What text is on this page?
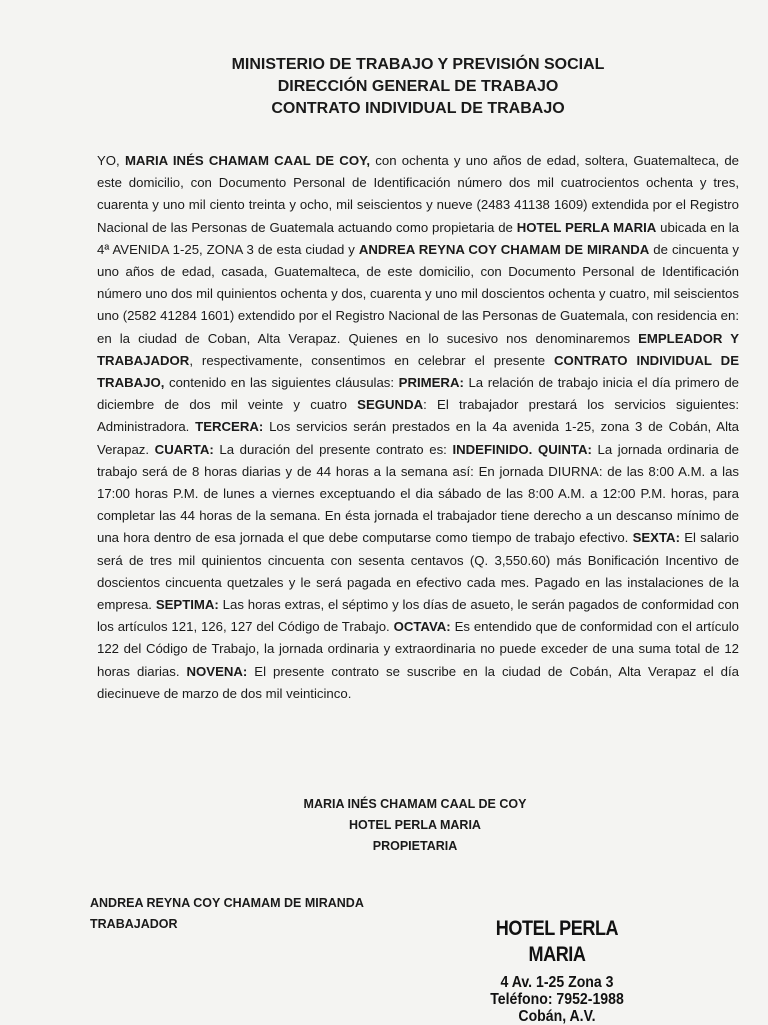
MINISTERIO DE TRABAJO Y PREVISIÓN SOCIAL
DIRECCIÓN GENERAL DE TRABAJO
CONTRATO INDIVIDUAL DE TRABAJO
YO, MARIA INÉS CHAMAM CAAL DE COY, con ochenta y uno años de edad, soltera, Guatemalteca, de este domicilio, con Documento Personal de Identificación número dos mil cuatrocientos ochenta y tres, cuarenta y uno mil ciento treinta y ocho, mil seiscientos y nueve (2483 41138 1609) extendida por el Registro Nacional de las Personas de Guatemala actuando como propietaria de HOTEL PERLA MARIA ubicada en la 4ª AVENIDA 1-25, ZONA 3 de esta ciudad y ANDREA REYNA COY CHAMAM DE MIRANDA de cincuenta y uno años de edad, casada, Guatemalteca, de este domicilio, con Documento Personal de Identificación número uno dos mil quinientos ochenta y dos, cuarenta y uno mil doscientos ochenta y cuatro, mil seiscientos uno (2582 41284 1601) extendido por el Registro Nacional de las Personas de Guatemala, con residencia en: en la ciudad de Coban, Alta Verapaz. Quienes en lo sucesivo nos denominaremos EMPLEADOR Y TRABAJADOR, respectivamente, consentimos en celebrar el presente CONTRATO INDIVIDUAL DE TRABAJO, contenido en las siguientes cláusulas: PRIMERA: La relación de trabajo inicia el día primero de diciembre de dos mil veinte y cuatro SEGUNDA: El trabajador prestará los servicios siguientes: Administradora. TERCERA: Los servicios serán prestados en la 4a avenida 1-25, zona 3 de Cobán, Alta Verapaz. CUARTA: La duración del presente contrato es: INDEFINIDO. QUINTA: La jornada ordinaria de trabajo será de 8 horas diarias y de 44 horas a la semana así: En jornada DIURNA: de las 8:00 A.M. a las 17:00 horas P.M. de lunes a viernes exceptuando el dia sábado de las 8:00 A.M. a 12:00 P.M. horas, para completar las 44 horas de la semana. En ésta jornada el trabajador tiene derecho a un descanso mínimo de una hora dentro de esa jornada el que debe computarse como tiempo de trabajo efectivo. SEXTA: El salario será de tres mil quinientos cincuenta con sesenta centavos (Q. 3,550.60) más Bonificación Incentivo de doscientos cincuenta quetzales y le será pagada en efectivo cada mes. Pagado en las instalaciones de la empresa. SEPTIMA: Las horas extras, el séptimo y los días de asueto, le serán pagados de conformidad con los artículos 121, 126, 127 del Código de Trabajo. OCTAVA: Es entendido que de conformidad con el artículo 122 del Código de Trabajo, la jornada ordinaria y extraordinaria no puede exceder de una suma total de 12 horas diarias. NOVENA: El presente contrato se suscribe en la ciudad de Cobán, Alta Verapaz el día diecinueve de marzo de dos mil veinticinco.
MARIA INÉS CHAMAM CAAL DE COY
HOTEL PERLA MARIA
PROPIETARIA
ANDREA REYNA COY CHAMAM DE MIRANDA
TRABAJADOR	HOTEL PERLA MARIA
4 Av. 1-25 Zona 3
Teléfono: 7952-1988
Cobán, A.V.
